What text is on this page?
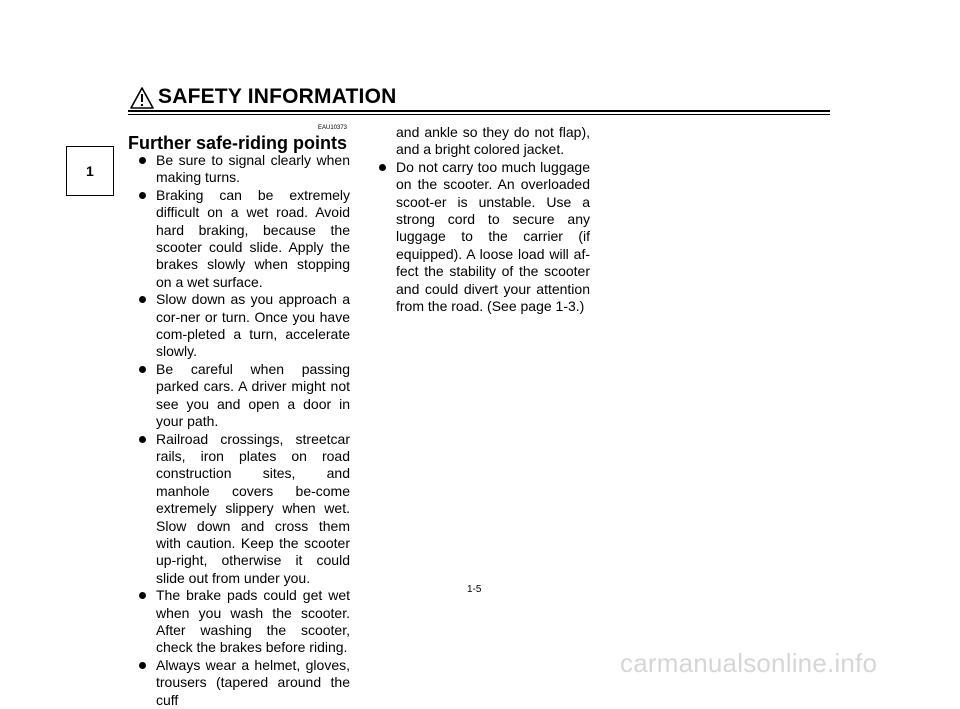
SAFETY INFORMATION
1
EAU10373
Further safe-riding points
Be sure to signal clearly when making turns.
Braking can be extremely difficult on a wet road. Avoid hard braking, because the scooter could slide. Apply the brakes slowly when stopping on a wet surface.
Slow down as you approach a cor-ner or turn. Once you have com-pleted a turn, accelerate slowly.
Be careful when passing parked cars. A driver might not see you and open a door in your path.
Railroad crossings, streetcar rails, iron plates on road construction sites, and manhole covers be-come extremely slippery when wet. Slow down and cross them with caution. Keep the scooter up-right, otherwise it could slide out from under you.
The brake pads could get wet when you wash the scooter. After washing the scooter, check the brakes before riding.
Always wear a helmet, gloves, trousers (tapered around the cuff
and ankle so they do not flap), and a bright colored jacket.
Do not carry too much luggage on the scooter. An overloaded scoot-er is unstable. Use a strong cord to secure any luggage to the carrier (if equipped). A loose load will af-fect the stability of the scooter and could divert your attention from the road. (See page 1-3.)
1-5
carmanualsonline.info
